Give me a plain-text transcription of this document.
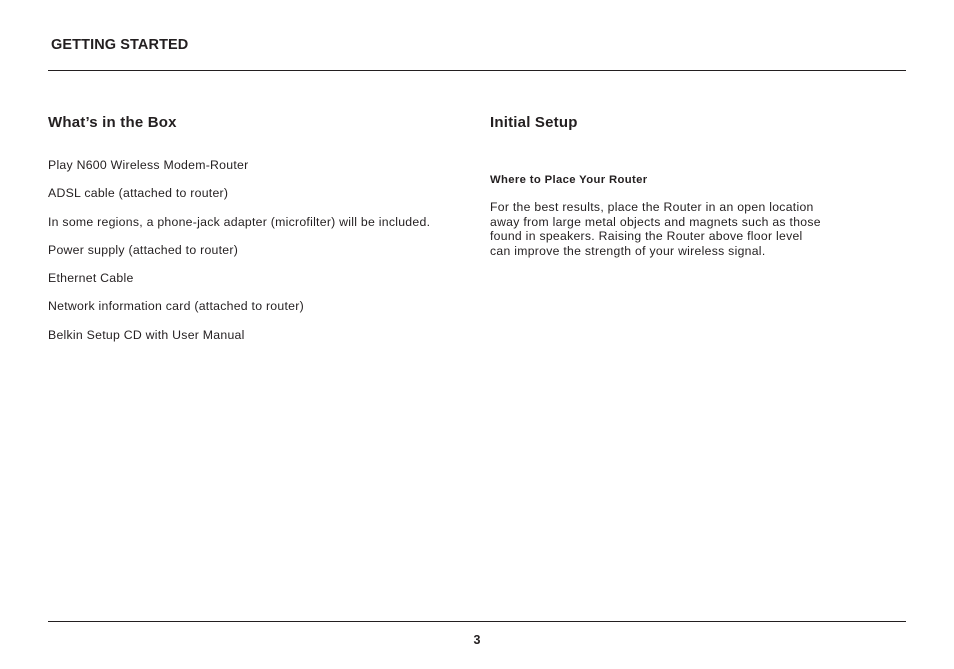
GETTING STARTED
What’s in the Box
Play N600 Wireless Modem-Router
ADSL cable (attached to router)
In some regions, a phone-jack adapter (microfilter) will be included.
Power supply (attached to router)
Ethernet Cable
Network information card (attached to router)
Belkin Setup CD with User Manual
Initial Setup
Where to Place Your Router

For the best results, place the Router in an open location
away from large metal objects and magnets such as those
found in speakers. Raising the Router above floor level
can improve the strength of your wireless signal.

3
